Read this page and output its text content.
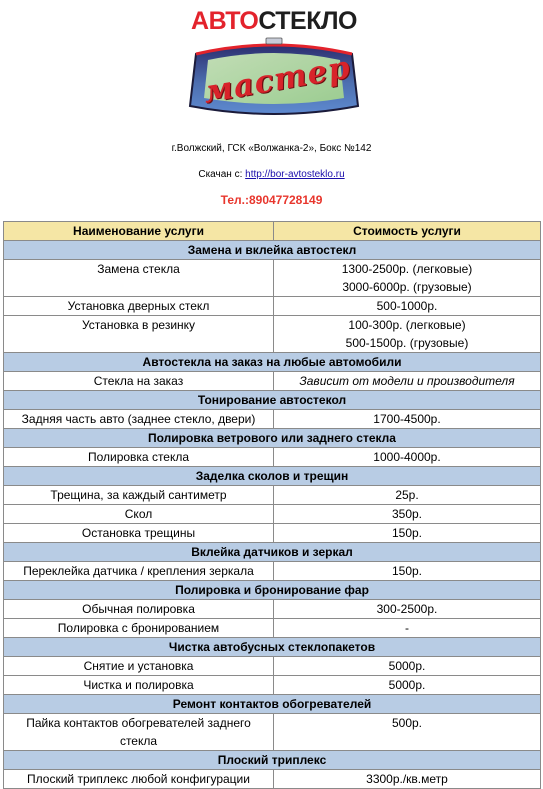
АВТОСТЕКЛО
мастер
г.Волжский, ГСК «Волжанка-2», Бокс №142
Скачан с: http://bor-avtosteklo.ru
Тел.:89047728149
Наименование услуги	Стоимость услуги
Замена и вклейка автостекл	
Замена стекла	1300-2500р. (легковые)
3000-6000р. (грузовые)

Установка дверных стекл	500-1000р.

Установка в резинку	100-300р. (легковые)
500-1500р. (грузовые)

Автостекла на заказ на любые автомобили	
Стекла на заказ	Зависит от модели и производителя

Тонирование автостекол	
Задняя часть авто (заднее стекло, двери)	1700-4500р.

Полировка ветрового или заднего стекла	
Полировка стекла	1000-4000р.

Заделка сколов и трещин	
Трещина, за каждый сантиметр	25р.

Скол	350р.

Остановка трещины	150р.

Вклейка датчиков и зеркал	
Переклейка датчика / крепления зеркала	150р.

Полировка и бронирование фар	
Обычная полировка	300-2500р.

Полировка с бронированием	-

Чистка автобусных стеклопакетов	
Снятие и установка	5000р.

Чистка и полировка	5000р.

Ремонт контактов обогревателей	
Пайка контактов обогревателей заднего стекла	500р.

Плоский триплекс	
Плоский триплекс любой конфигурации	3300р./кв.метр
